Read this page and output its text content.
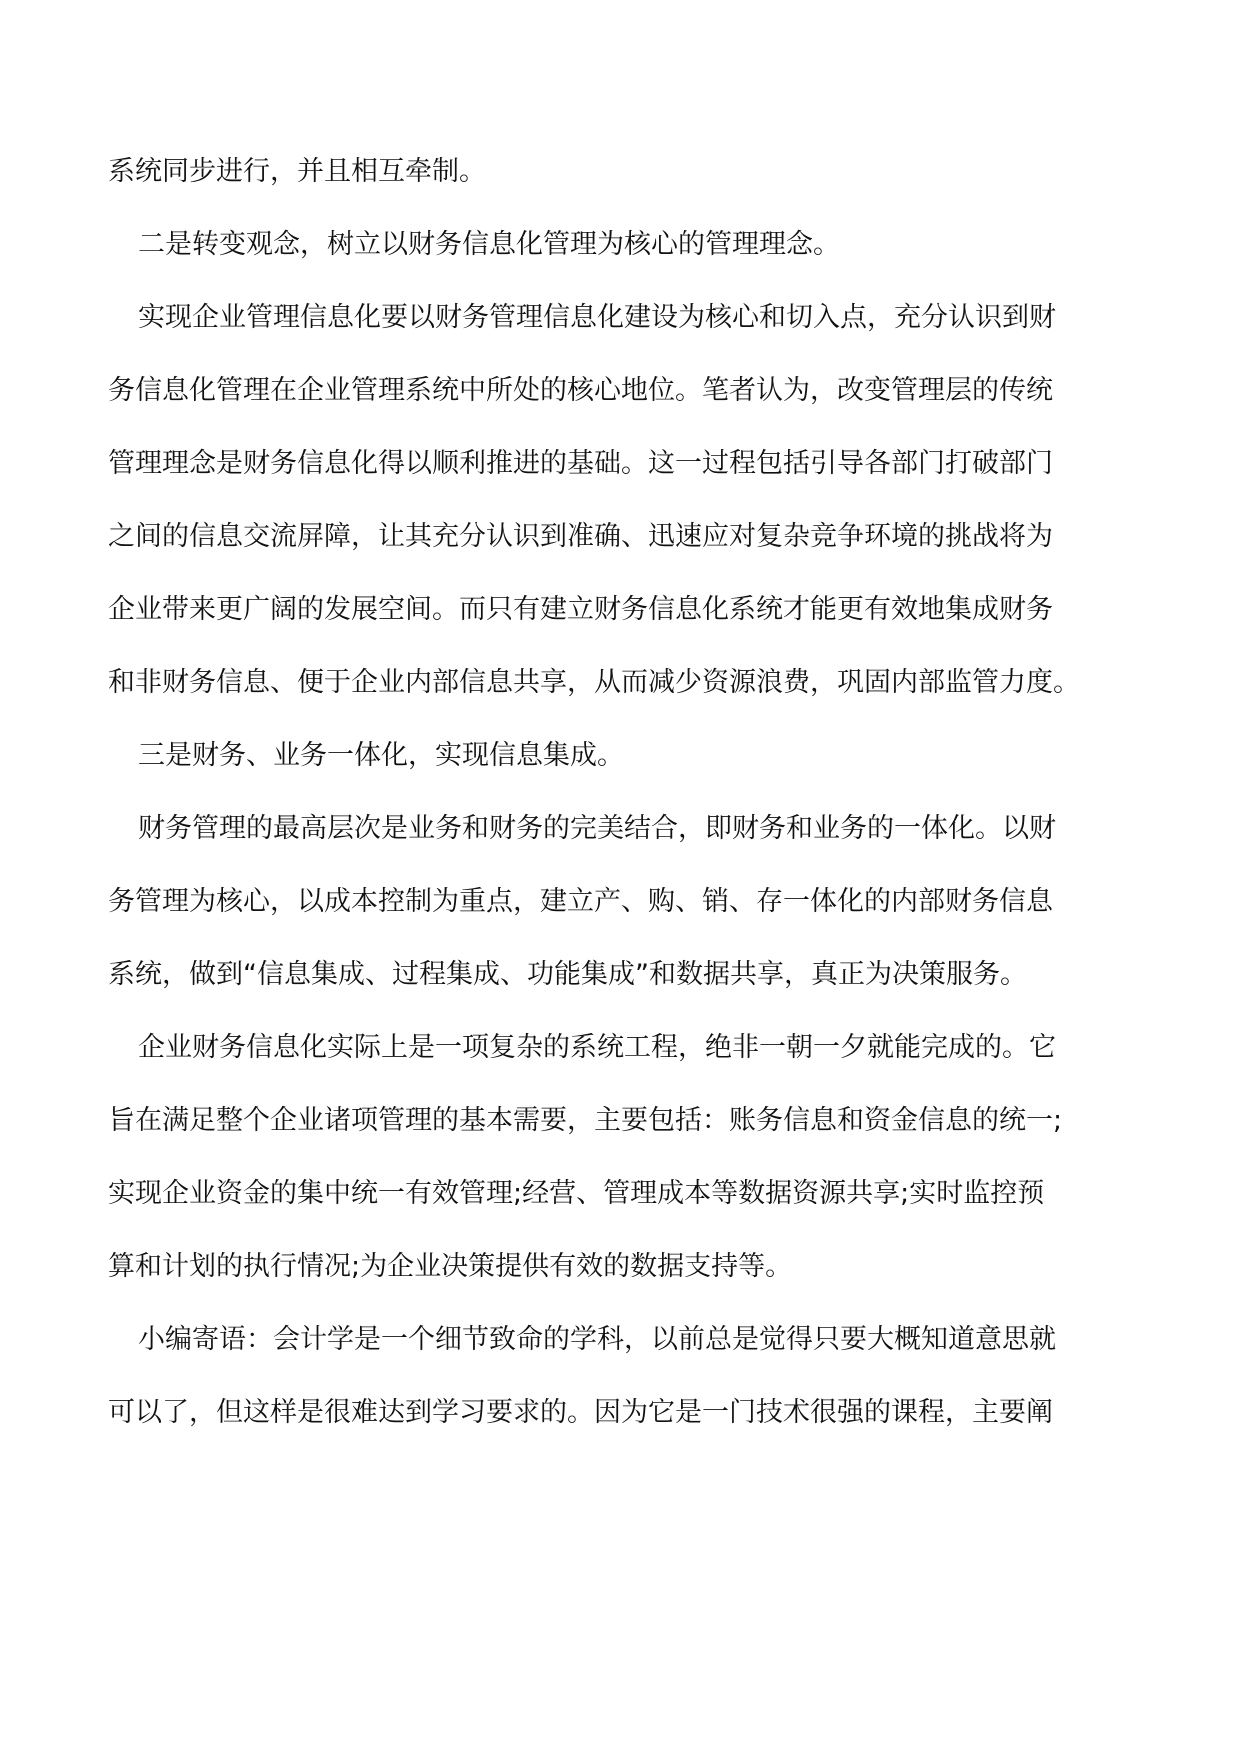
系统同步进行，并且相互牵制。
二是转变观念，树立以财务信息化管理为核心的管理理念。
实现企业管理信息化要以财务管理信息化建设为核心和切入点，充分认识到财
务信息化管理在企业管理系统中所处的核心地位。笔者认为，改变管理层的传统
管理理念是财务信息化得以顺利推进的基础。这一过程包括引导各部门打破部门
之间的信息交流屏障，让其充分认识到准确、迅速应对复杂竞争环境的挑战将为
企业带来更广阔的发展空间。而只有建立财务信息化系统才能更有效地集成财务
和非财务信息、便于企业内部信息共享，从而减少资源浪费，巩固内部监管力度。
三是财务、业务一体化，实现信息集成。
财务管理的最高层次是业务和财务的完美结合，即财务和业务的一体化。以财
务管理为核心，以成本控制为重点，建立产、购、销、存一体化的内部财务信息
系统，做到“信息集成、过程集成、功能集成”和数据共享，真正为决策服务。
企业财务信息化实际上是一项复杂的系统工程，绝非一朝一夕就能完成的。它
旨在满足整个企业诸项管理的基本需要，主要包括：账务信息和资金信息的统一;
实现企业资金的集中统一有效管理;经营、管理成本等数据资源共享;实时监控预
算和计划的执行情况;为企业决策提供有效的数据支持等。
小编寄语：会计学是一个细节致命的学科，以前总是觉得只要大概知道意思就
可以了，但这样是很难达到学习要求的。因为它是一门技术很强的课程，主要阐
